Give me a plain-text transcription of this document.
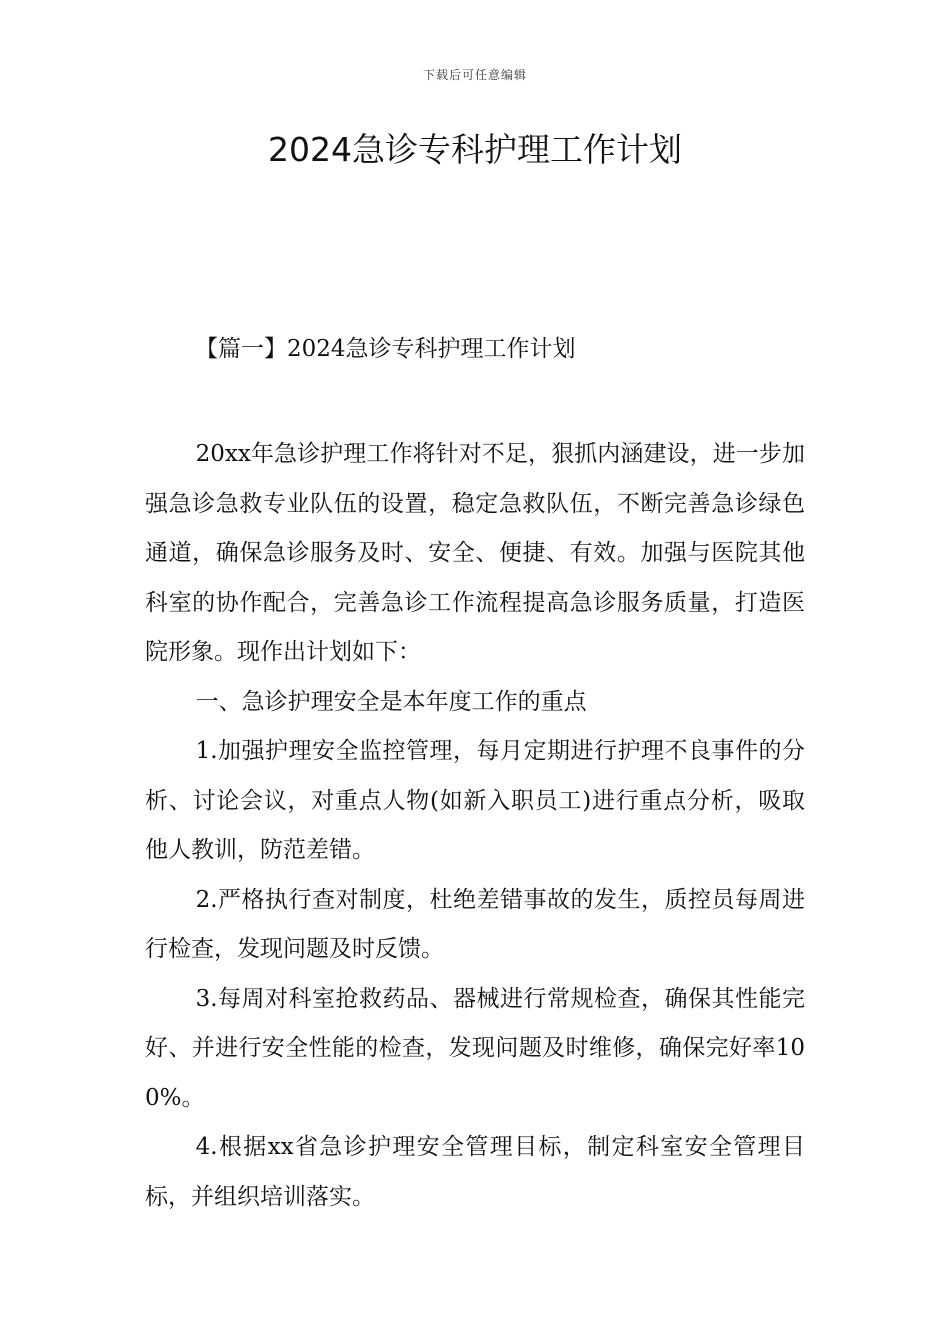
下载后可任意编辑
2024急诊专科护理工作计划
【篇一】2024急诊专科护理工作计划

20xx年急诊护理工作将针对不足，狠抓内涵建设，进一步加强急诊急救专业队伍的设置，稳定急救队伍，不断完善急诊绿色通道，确保急诊服务及时、安全、便捷、有效。加强与医院其他科室的协作配合，完善急诊工作流程提高急诊服务质量，打造医院形象。现作出计划如下：

一、急诊护理安全是本年度工作的重点

1.加强护理安全监控管理，每月定期进行护理不良事件的分析、讨论会议，对重点人物(如新入职员工)进行重点分析，吸取他人教训，防范差错。

2.严格执行查对制度，杜绝差错事故的发生，质控员每周进行检查，发现问题及时反馈。

3.每周对科室抢救药品、器械进行常规检查，确保其性能完好、并进行安全性能的检查，发现问题及时维修，确保完好率100%。

4.根据xx省急诊护理安全管理目标，制定科室安全管理目标，并组织培训落实。
